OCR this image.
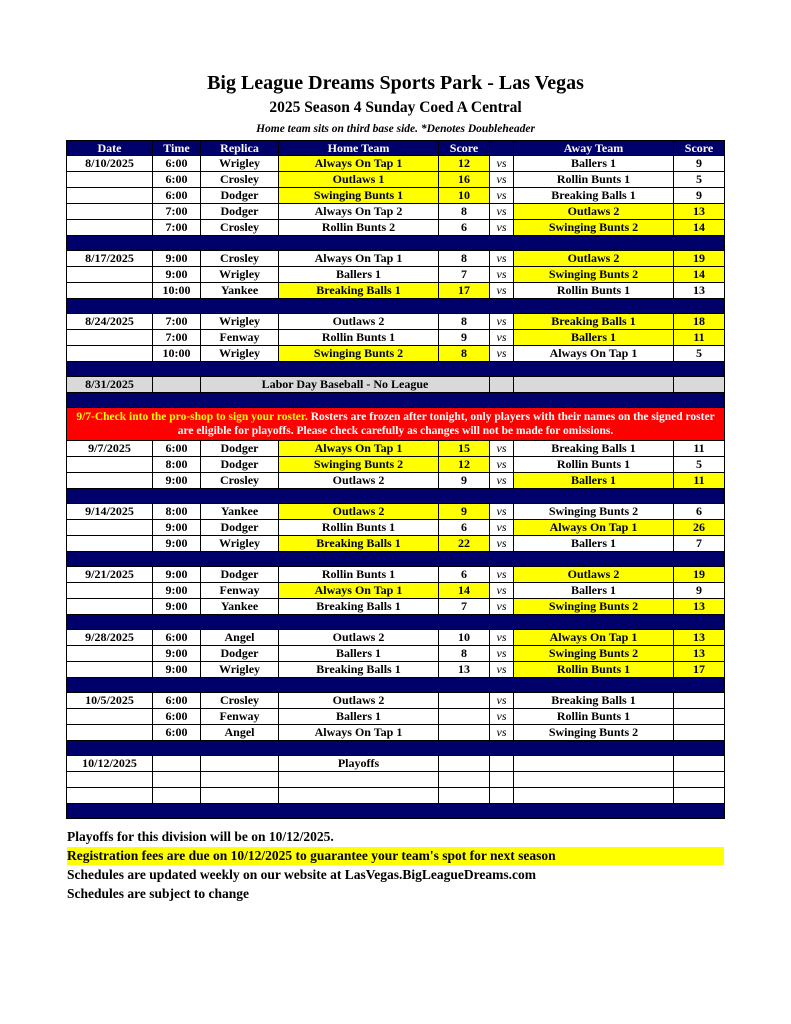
Big League Dreams Sports Park - Las Vegas
2025 Season 4 Sunday Coed A Central
Home team sits on third base side. *Denotes Doubleheader
Date	Time	Replica	Home Team	Score		Away Team	Score
8/10/2025	6:00	Wrigley	Always On Tap 1	12	vs	Ballers 1	9
	6:00	Crosley	Outlaws 1	16	vs	Rollin Bunts 1	5
	6:00	Dodger	Swinging Bunts 1	10	vs	Breaking Balls 1	9
	7:00	Dodger	Always On Tap 2	8	vs	Outlaws 2	13
	7:00	Crosley	Rollin Bunts 2	6	vs	Swinging Bunts 2	14

8/17/2025	9:00	Crosley	Always On Tap 1	8	vs	Outlaws 2	19
	9:00	Wrigley	Ballers 1	7	vs	Swinging Bunts 2	14
	10:00	Yankee	Breaking Balls 1	17	vs	Rollin Bunts 1	13

8/24/2025	7:00	Wrigley	Outlaws 2	8	vs	Breaking Balls 1	18
	7:00	Fenway	Rollin Bunts 1	9	vs	Ballers 1	11
	10:00	Wrigley	Swinging Bunts 2	8	vs	Always On Tap 1	5

8/31/2025		Labor Day Baseball - No League					

9/7-Check into the pro-shop to sign your roster. Rosters are frozen after tonight, only players with their names on the signed roster are eligible for playoffs. Please check carefully as changes will not be made for omissions.							
9/7/2025	6:00	Dodger	Always On Tap 1	15	vs	Breaking Balls 1	11
	8:00	Dodger	Swinging Bunts 2	12	vs	Rollin Bunts 1	5
	9:00	Crosley	Outlaws 2	9	vs	Ballers 1	11

9/14/2025	8:00	Yankee	Outlaws 2	9	vs	Swinging Bunts 2	6
	9:00	Dodger	Rollin Bunts 1	6	vs	Always On Tap 1	26
	9:00	Wrigley	Breaking Balls 1	22	vs	Ballers 1	7

9/21/2025	9:00	Dodger	Rollin Bunts 1	6	vs	Outlaws 2	19
	9:00	Fenway	Always On Tap 1	14	vs	Ballers 1	9
	9:00	Yankee	Breaking Balls 1	7	vs	Swinging Bunts 2	13

9/28/2025	6:00	Angel	Outlaws 2	10	vs	Always On Tap 1	13
	9:00	Dodger	Ballers 1	8	vs	Swinging Bunts 2	13
	9:00	Wrigley	Breaking Balls 1	13	vs	Rollin Bunts 1	17

10/5/2025	6:00	Crosley	Outlaws 2		vs	Breaking Balls 1	
	6:00	Fenway	Ballers 1		vs	Rollin Bunts 1	
	6:00	Angel	Always On Tap 1		vs	Swinging Bunts 2	

10/12/2025			Playoffs				

Playoffs for this division will be on 10/12/2025.
Registration fees are due on 10/12/2025 to guarantee your team's spot for next season
Schedules are updated weekly on our website at LasVegas.BigLeagueDreams.com
Schedules are subject to change
